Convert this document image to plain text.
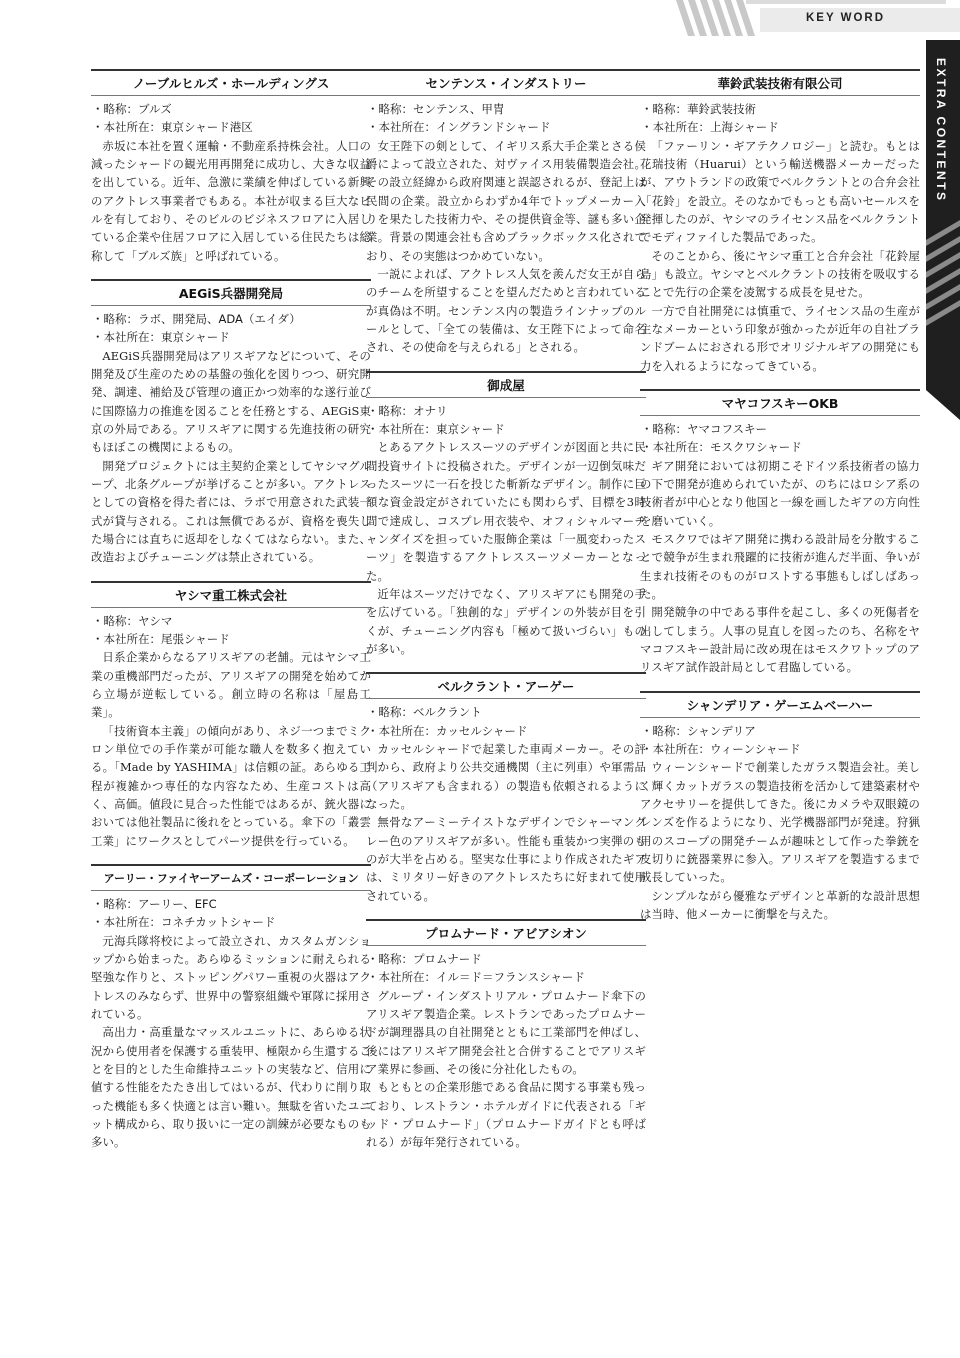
KEY WORD
EXTRA CONTENTS
ノーブルヒルズ・ホールディングス

・略称：ブルズ

・本社所在：東京シャード港区

赤坂に本社を置く運輸・不動産系持株会社。人口の減ったシャードの観光用再開発に成功し、大きな収益を出している。近年、急激に業績を伸ばしている新興のアクトレス事業者でもある。本社が収まる巨大なビルを有しており、そのビルのビジネスフロアに入居している企業や住居フロアに入居している住民たちは総称して「ブルズ族」と呼ばれている。

AEGiS兵器開発局

・略称：ラボ、開発局、ADA（エイダ）

・本社所在：東京シャード

AEGiS兵器開発局はアリスギアなどについて、その開発及び生産のための基盤の強化を図りつつ、研究開発、調達、補給及び管理の適正かつ効率的な遂行並びに国際協力の推進を図ることを任務とする、AEGiS東京の外局である。アリスギアに関する先進技術の研究もほぼこの機関によるもの。

開発プロジェクトには主契約企業としてヤシマグループ、北条グループが挙げることが多い。アクトレスとしての資格を得た者には、ラボで用意された武装一式が貸与される。これは無償であるが、資格を喪失した場合には直ちに返却をしなくてはならない。また、改造およびチューニングは禁止されている。

ヤシマ重工株式会社

・略称：ヤシマ

・本社所在：尾張シャード

日系企業からなるアリスギアの老舗。元はヤシマ工業の重機部門だったが、アリスギアの開発を始めてから立場が逆転している。創立時の名称は「屋島工業」。

「技術資本主義」の傾向があり、ネジ一つまでミクロン単位での手作業が可能な職人を数多く抱えている。「Made by YASHIMA」は信頼の証。あらゆる工程が複雑かつ専任的な内容なため、生産コストは高く、高価。値段に見合った性能ではあるが、銃火器においては他社製品に後れをとっている。傘下の「叢雲工業」にワークスとしてパーツ提供を行っている。

アーリー・ファイヤーアームズ・コーポーレーション

・略称：アーリー、EFC

・本社所在：コネチカットシャード

元海兵隊将校によって設立され、カスタムガンショップから始まった。あらゆるミッションに耐えられる堅強な作りと、ストッピングパワー重視の火器はアクトレスのみならず、世界中の警察組織や軍隊に採用されている。

高出力・高重量なマッスルユニットに、あらゆる状況から使用者を保護する重装甲、極限から生還することを目的とした生命維持ユニットの実装など、信用に値する性能をたたき出してはいるが、代わりに削り取った機能も多く快適とは言い難い。無駄を省いたユニット構成から、取り扱いに一定の訓練が必要なものも多い。

センテンス・インダストリー

・略称：センテンス、甲冑

・本社所在：イングランドシャード

女王陛下の剣として、イギリス系大手企業とさる侯爵によって設立された、対ヴァイス用装備製造会社。その設立経緯から政府関連と誤認されるが、登記上は民間の企業。設立からわずか4年でトップメーカー入りを果たした技術力や、その提供資金等、謎も多い企業。背景の関連会社も含めブラックボックス化されており、その実態はつかめていない。

一説によれば、アクトレス人気を羨んだ女王が自らのチームを所望することを望んだためと言われているが真偽は不明。センテンス内の製造ラインナップのルールとして、「全ての装備は、女王陛下によって命名され、その使命を与えられる」とされる。

御成屋

・略称：オナリ

・本社所在：東京シャード

とあるアクトレススーツのデザインが図面と共に民間投資サイトに投稿された。デザインが一辺倒気味だったスーツに一石を投じた斬新なデザイン。制作に巨額な資金設定がされていたにも関わらず、目標を3時間で達成し、コスプレ用衣装や、オフィシャルマーチャンダイズを担っていた服飾企業は「一風変わったスーツ」を製造するアクトレススーツメーカーとなった。

近年はスーツだけでなく、アリスギアにも開発の手を広げている。「独創的な」デザインの外装が目を引くが、チューニング内容も「極めて扱いづらい」ものが多い。

ベルクラント・アーゲー

・略称：ベルクラント

・本社所在：カッセルシャード

カッセルシャードで起業した車両メーカー。その評判から、政府より公共交通機関（主に列車）や軍需品（アリスギアも含まれる）の製造も依頼されるようになった。

無骨なアーミーテイストなデザインでシャーマングレー色のアリスギアが多い。性能も重装かつ実弾のものが大半を占める。堅実な仕事により作成されたギアは、ミリタリー好きのアクトレスたちに好まれて使用されている。

プロムナード・アビアシオン

・略称：プロムナード

・本社所在：イル＝ド＝フランスシャード

グループ・インダストリアル・プロムナード傘下のアリスギア製造企業。レストランであったプロムナードが調理器具の自社開発とともに工業部門を伸ばし、後にはアリスギア開発会社と合併することでアリスギア業界に参画、その後に分社化したもの。

もともとの企業形態である食品に関する事業も残っており、レストラン・ホテルガイドに代表される「ギッド・プロムナード」（プロムナードガイドとも呼ばれる）が毎年発行されている。

華鈴武装技術有限公司

・略称：華鈴武装技術

・本社所在：上海シャード

「ファーリン・ギアテクノロジー」と読む。もとは花瑞技術（Huarui）という輸送機器メーカーだったが、アウトランドの政策でベルクラントとの合弁会社「花鈴」を設立。そのなかでもっとも高いセールスを発揮したのが、ヤシマのライセンス品をベルクラントでモディファイした製品であった。

そのことから、後にヤシマ重工と合弁会社「花鈴屋島」も設立。ヤシマとベルクラントの技術を吸収することで先行の企業を凌駕する成長を見せた。

一方で自社開発には慎重で、ライセンス品の生産が主なメーカーという印象が強かったが近年の自社ブランドブームにおされる形でオリジナルギアの開発にも力を入れるようになってきている。

マヤコフスキーOKB

・略称：ヤマコフスキー

・本社所在：モスクワシャード

ギア開発においては初期こそドイツ系技術者の協力の下で開発が進められていたが、のちにはロシア系の技術者が中心となり他国と一線を画したギアの方向性を磨いていく。

モスクワではギア開発に携わる設計局を分散することで競争が生まれ飛躍的に技術が進んだ半面、争いが生まれ技術そのものがロストする事態もしばしばあった。

開発競争の中である事件を起こし、多くの死傷者を出してしまう。人事の見直しを図ったのち、名称をヤマコフスキー設計局に改め現在はモスクワトップのアリスギア試作設計局として君臨している。

シャンデリア・ゲーエムベーハー

・略称：シャンデリア

・本社所在：ウィーンシャード

ウィーンシャードで創業したガラス製造会社。美しく輝くカットガラスの製造技術を活かして建築素材やアクセサリーを提供してきた。後にカメラや双眼鏡のレンズを作るようになり、光学機器部門が発達。狩猟用のスコープの開発チームが趣味として作った拳銃を皮切りに銃器業界に参入。アリスギアを製造するまで成長していった。

シンプルながら優雅なデザインと革新的な設計思想は当時、他メーカーに衝撃を与えた。
